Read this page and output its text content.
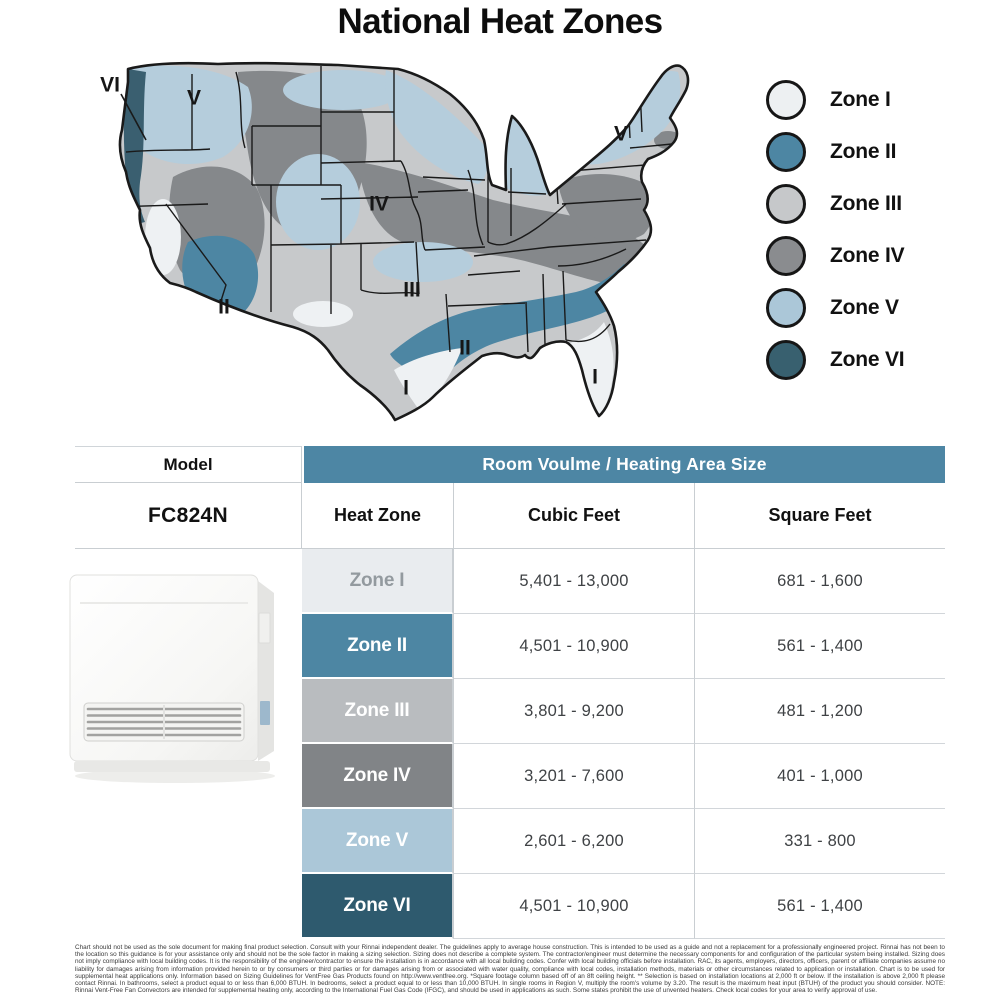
National Heat Zones
VI
V
V
IV
III
II
II
I	I
Zone I
Zone II
Zone III
Zone IV
Zone V
Zone VI
Model	Room Voulme / Heating Area Size
FC824N	Heat Zone	Cubic Feet	Square Feet
Zone I	5,401 - 13,000	681 - 1,600
Zone II	4,501 - 10,900	561 - 1,400
Zone III	3,801 - 9,200	481 - 1,200
Zone IV	3,201 - 7,600	401 - 1,000
Zone V	2,601 - 6,200	331 - 800
Zone VI	4,501 - 10,900	561 - 1,400
Chart should not be used as the sole document for making final product selection. Consult with your Rinnai independent dealer. The guidelines apply to average house construction. This is intended to be used as a guide and not a replacement for a professionally engineered project. Rinnai has not been to the location so this guidance is for your assistance only and should not be the sole factor in making a sizing selection. Sizing does not describe a complete system. The contractor/engineer must determine the necessary components for and configuration of the particular system being installed. Sizing does not imply compliance with local building codes. It is the responsibility of the engineer/contractor to ensure the installation is in accordance with all local building codes. Confer with local building officials before installation. RAC, its agents, employers, directors, officers, parent or affiliate companies assume no liability for damages arising from information provided herein to or by consumers or third parties or for damages arising from or associated with water quality, compliance with local codes, installation methods, materials or other circumstances related to application or installation. Chart is to be used for supplemental heat applications only. Information based on Sizing Guidelines for VentFree Gas Products found on http://www.ventfree.org. *Square footage column based off of an 8ft ceiling height. ** Selection is based on installation locations at 2,000 ft or below. If the installation is above 2,000 ft please contact Rinnai. In bathrooms, select a product equal to or less than 6,000 BTUH. In bedrooms, select a product equal to or less than 10,000 BTUH. In single rooms in Region V, multiply the room's volume by 3.20. The result is the maximum heat input (BTUH) of the product you should consider. NOTE: Rinnai Vent-Free Fan Convectors are intended for supplemental heating only, according to the International Fuel Gas Code (IFGC), and should be used in applications as such. Some states prohibit the use of unvented heaters. Check local codes for your area to verify approval of use.
